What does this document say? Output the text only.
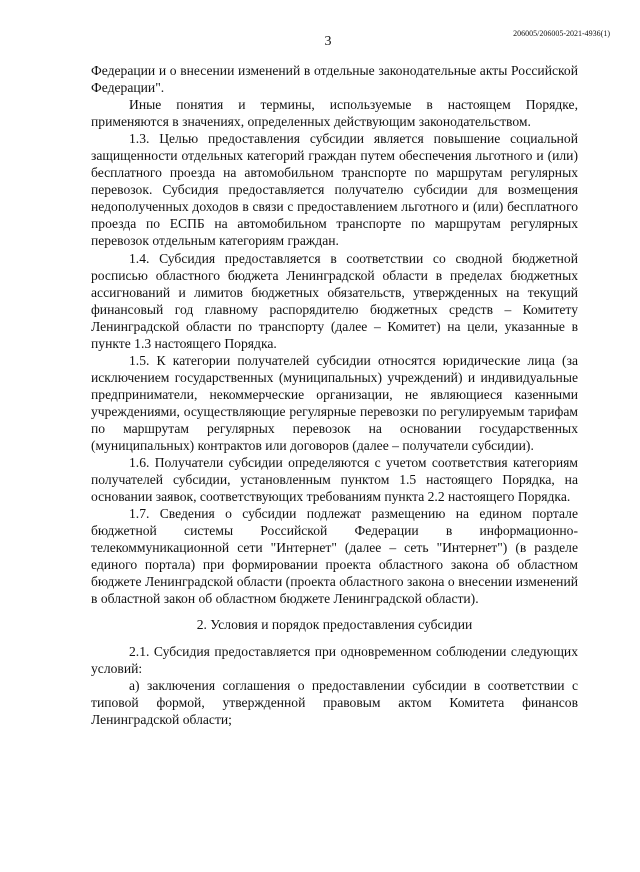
3
206005/206005-2021-4936(1)

Федерации и о внесении изменений в отдельные законодательные акты Российской Федерации".

Иные понятия и термины, используемые в настоящем Порядке, применяются в значениях, определенных действующим законодательством.

1.3. Целью предоставления субсидии является повышение социальной защищенности отдельных категорий граждан путем обеспечения льготного и (или) бесплатного проезда на автомобильном транспорте по маршрутам регулярных перевозок. Субсидия предоставляется получателю субсидии для возмещения недополученных доходов в связи с предоставлением льготного и (или) бесплатного проезда по ЕСПБ на автомобильном транспорте по маршрутам регулярных перевозок отдельным категориям граждан.

1.4. Субсидия предоставляется в соответствии со сводной бюджетной росписью областного бюджета Ленинградской области в пределах бюджетных ассигнований и лимитов бюджетных обязательств, утвержденных на текущий финансовый год главному распорядителю бюджетных средств – Комитету Ленинградской области по транспорту (далее – Комитет) на цели, указанные в пункте 1.3 настоящего Порядка.

1.5. К категории получателей субсидии относятся юридические лица (за исключением государственных (муниципальных) учреждений) и индивидуальные предприниматели, некоммерческие организации, не являющиеся казенными учреждениями, осуществляющие регулярные перевозки по регулируемым тарифам по маршрутам регулярных перевозок на основании государственных (муниципальных) контрактов или договоров (далее – получатели субсидии).

1.6. Получатели субсидии определяются с учетом соответствия категориям получателей субсидии, установленным пунктом 1.5 настоящего Порядка, на основании заявок, соответствующих требованиям пункта 2.2 настоящего Порядка.

1.7. Сведения о субсидии подлежат размещению на едином портале бюджетной системы Российской Федерации в информационно-телекоммуникационной сети "Интернет" (далее – сеть "Интернет") (в разделе единого портала) при формировании проекта областного закона об областном бюджете Ленинградской области (проекта областного закона о внесении изменений в областной закон об областном бюджете Ленинградской области).

2. Условия и порядок предоставления субсидии

2.1. Субсидия предоставляется при одновременном соблюдении следующих условий:

а) заключения соглашения о предоставлении субсидии в соответствии с типовой формой, утвержденной правовым актом Комитета финансов Ленинградской области;
